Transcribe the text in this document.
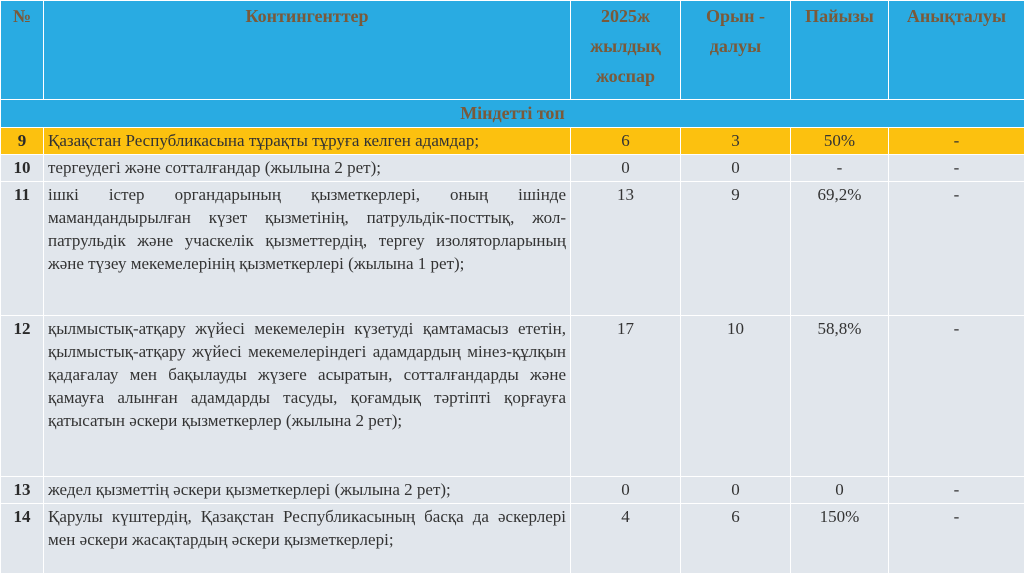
№	Контингенттер	2025ж жылдық жоспар	Орын - далуы	Пайызы	Анықталуы
Міндетті топ					
9	Қазақстан Республикасына тұрақты тұруға келген адамдар;	6	3	50%	-
10	тергеудегі және сотталғандар (жылына 2 рет);	0	0	-	-
11	ішкі істер органдарының қызметкерлері, оның ішінде мамандандырылған күзет қызметінің, патрульдік-посттық, жол-патрульдік және учаскелік қызметтердің, тергеу изоляторларының және түзеу мекемелерінің қызметкерлері (жылына 1 рет);	13	9	69,2%	-
12	қылмыстық-атқару жүйесі мекемелерін күзетуді қамтамасыз ететін, қылмыстық-атқару жүйесі мекемелеріндегі адамдардың мінез-құлқын қадағалау мен бақылауды жүзеге асыратын, сотталғандарды және қамауға алынған адамдарды тасуды, қоғамдық тәртіпті қорғауға қатысатын әскери қызметкерлер (жылына 2 рет);	17	10	58,8%	-
13	жедел қызметтің әскери қызметкерлері (жылына 2 рет);	0	0	0	-
14	Қарулы күштердің, Қазақстан Республикасының басқа да әскерлері мен әскери жасақтардың әскери қызметкерлері;	4	6	150%	-
